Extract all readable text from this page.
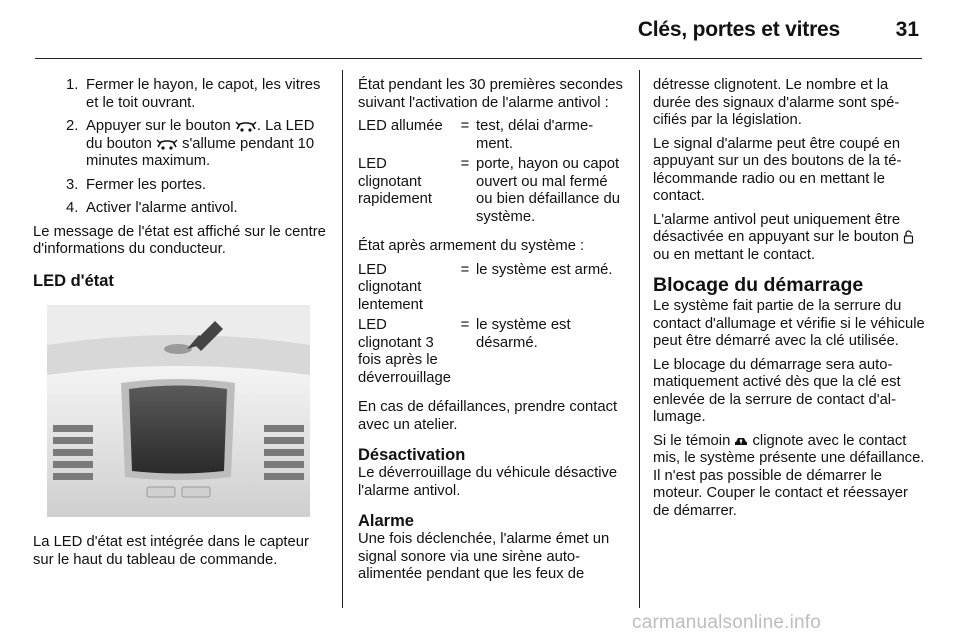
Clés, portes et vitres	31
1. Fermer le hayon, le capot, les vitres et le toit ouvrant.
2. Appuyer sur le bouton . La LED du bouton  s'allume pendant 10 minutes maximum.
3. Fermer les portes.
4. Activer l'alarme antivol.

Le message de l'état est affiché sur le centre d'informations du conducteur.

LED d'état

La LED d'état est intégrée dans le capteur sur le haut du tableau de commande.

État pendant les 30 premières secondes suivant l'activation de l'alarme antivol :

LED allumée	= test, délai d'armement.
LED clignotant rapidement
= porte, hayon ou capot ouvert ou mal fermé ou bien défaillance du système.

État après armement du système :

LED clignotant lentement
= le système est armé.
LED clignotant 3 fois après le déverrouillage
= le système est désarmé.

En cas de défaillances, prendre contact avec un atelier.

Désactivation

Le déverrouillage du véhicule désactive l'alarme antivol.

Alarme

Une fois déclenchée, l'alarme émet un signal sonore via une sirène autoalimentée pendant que les feux de

détresse clignotent. Le nombre et la durée des signaux d'alarme sont spécifiés par la législation.

Le signal d'alarme peut être coupé en appuyant sur un des boutons de la télécommande radio ou en mettant le contact.

L'alarme antivol peut uniquement être désactivée en appuyant sur le bouton  ou en mettant le contact.

Blocage du démarrage

Le système fait partie de la serrure du contact d'allumage et vérifie si le véhicule peut être démarré avec la clé utilisée.

Le blocage du démarrage sera automatiquement activé dès que la clé est enlevée de la serrure de contact d'allumage.

Si le témoin  clignote avec le contact mis, le système présente une défaillance. Il n'est pas possible de démarrer le moteur. Couper le contact et réessayer de démarrer.

carmanualsonline.info
